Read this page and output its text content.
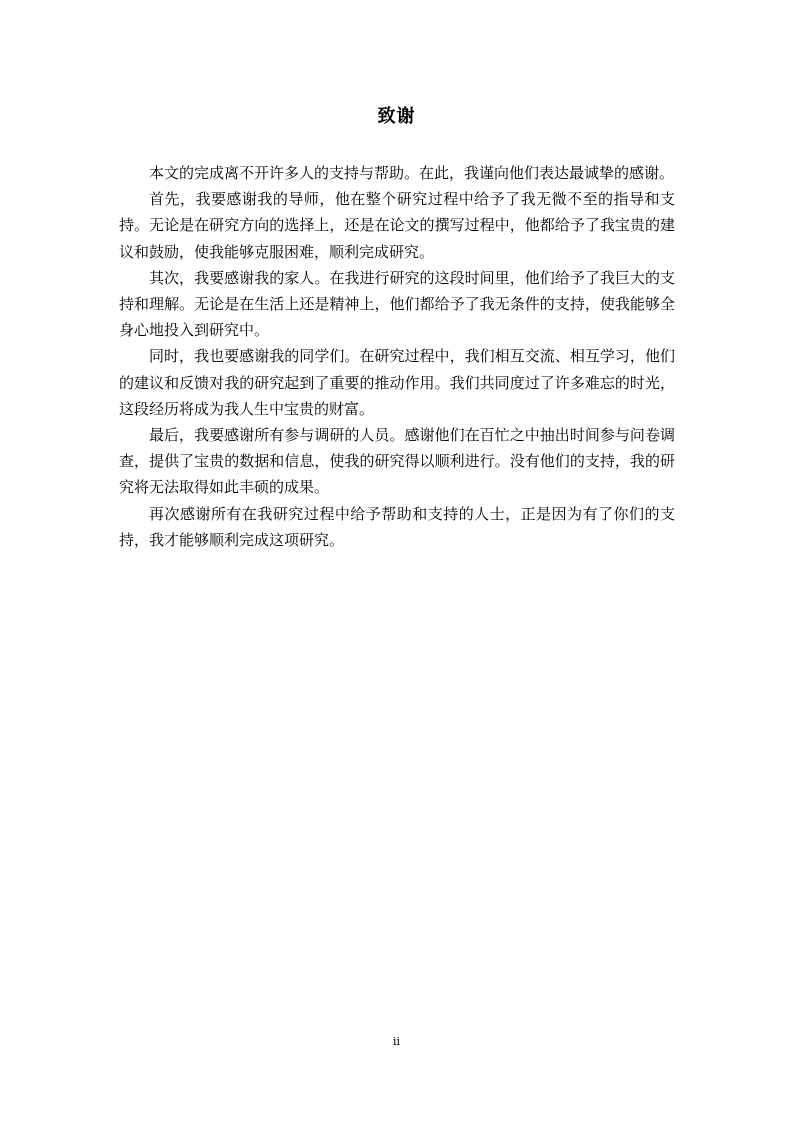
致谢

本文的完成离不开许多人的支持与帮助。在此，我谨向他们表达最诚挚的感谢。

首先，我要感谢我的导师，他在整个研究过程中给予了我无微不至的指导和支持。无论是在研究方向的选择上，还是在论文的撰写过程中，他都给予了我宝贵的建议和鼓励，使我能够克服困难，顺利完成研究。

其次，我要感谢我的家人。在我进行研究的这段时间里，他们给予了我巨大的支持和理解。无论是在生活上还是精神上，他们都给予了我无条件的支持，使我能够全身心地投入到研究中。

同时，我也要感谢我的同学们。在研究过程中，我们相互交流、相互学习，他们的建议和反馈对我的研究起到了重要的推动作用。我们共同度过了许多难忘的时光，这段经历将成为我人生中宝贵的财富。

最后，我要感谢所有参与调研的人员。感谢他们在百忙之中抽出时间参与问卷调查，提供了宝贵的数据和信息，使我的研究得以顺利进行。没有他们的支持，我的研究将无法取得如此丰硕的成果。

再次感谢所有在我研究过程中给予帮助和支持的人士，正是因为有了你们的支持，我才能够顺利完成这项研究。

ii
